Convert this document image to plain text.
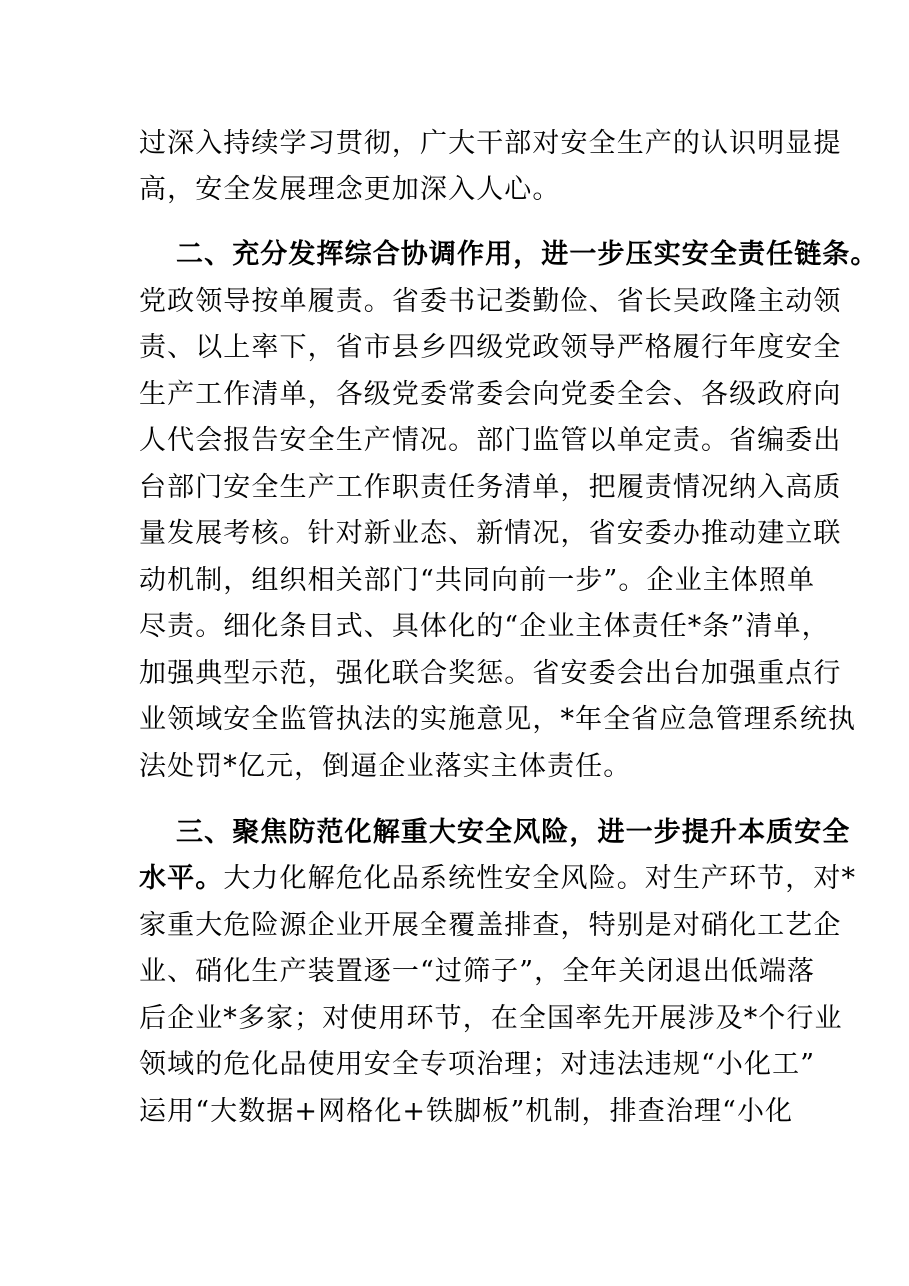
过深入持续学习贯彻，广大干部对安全生产的认识明显提
高，安全发展理念更加深入人心。
二、充分发挥综合协调作用，进一步压实安全责任链条。
党政领导按单履责。省委书记娄勤俭、省长吴政隆主动领
责、以上率下，省市县乡四级党政领导严格履行年度安全
生产工作清单，各级党委常委会向党委全会、各级政府向
人代会报告安全生产情况。部门监管以单定责。省编委出
台部门安全生产工作职责任务清单，把履责情况纳入高质
量发展考核。针对新业态、新情况，省安委办推动建立联
动机制，组织相关部门“共同向前一步”。企业主体照单
尽责。细化条目式、具体化的“企业主体责任*条”清单，
加强典型示范，强化联合奖惩。省安委会出台加强重点行
业领域安全监管执法的实施意见，*年全省应急管理系统执
法处罚*亿元，倒逼企业落实主体责任。
三、聚焦防范化解重大安全风险，进一步提升本质安全
水平。大力化解危化品系统性安全风险。对生产环节，对*
家重大危险源企业开展全覆盖排查，特别是对硝化工艺企
业、硝化生产装置逐一“过筛子”，全年关闭退出低端落
后企业*多家；对使用环节，在全国率先开展涉及*个行业
领域的危化品使用安全专项治理；对违法违规“小化工”
运用“大数据+网格化+铁脚板”机制，排查治理“小化
